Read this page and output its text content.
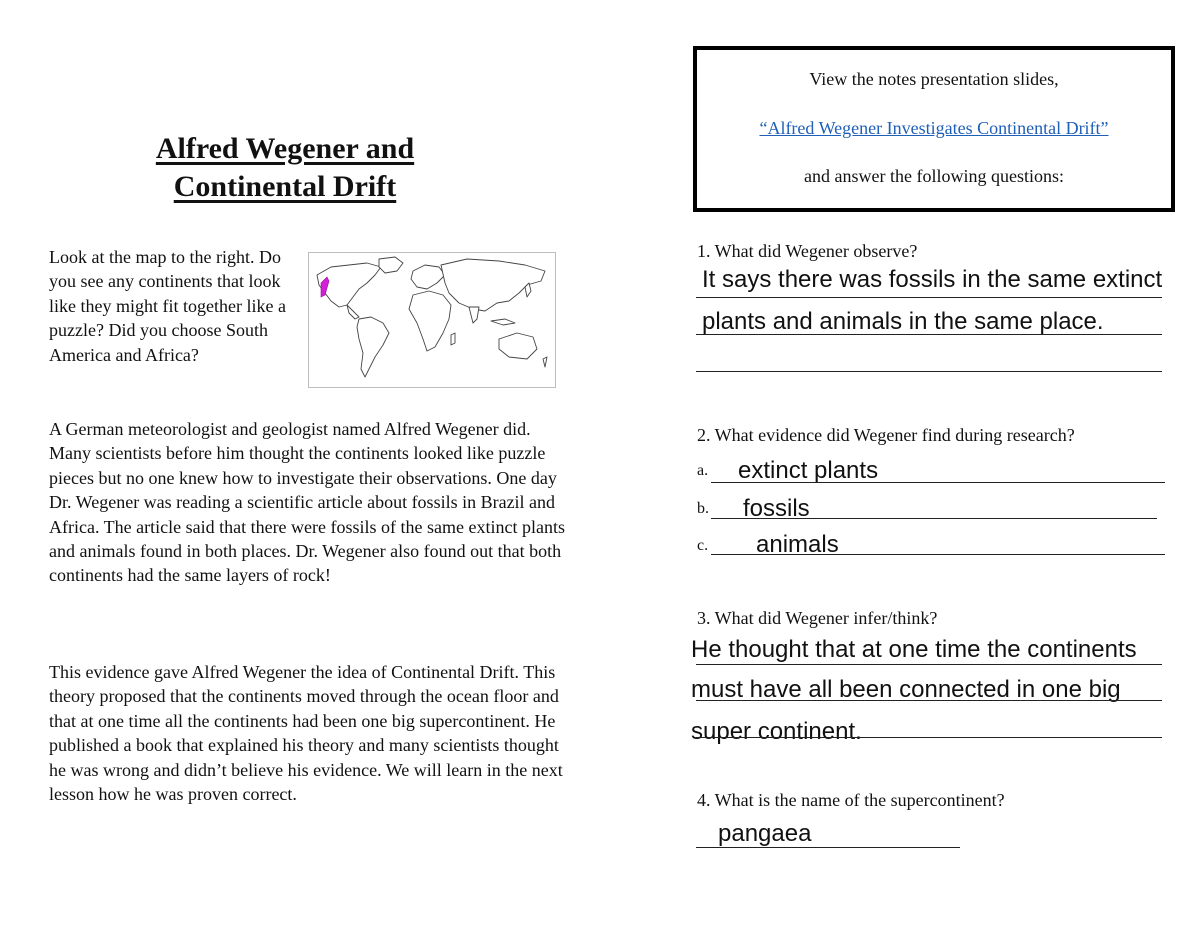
Alfred Wegener and
Continental Drift
Look at the map to the right. Do you see any continents that look like they might fit together like a puzzle? Did you choose South America and Africa?
A German meteorologist and geologist named Alfred Wegener did. Many scientists before him thought the continents looked like puzzle pieces but no one knew how to investigate their observations. One day Dr. Wegener was reading a scientific article about fossils in Brazil and Africa. The article said that there were fossils of the same extinct plants and animals found in both places. Dr. Wegener also found out that both continents had the same layers of rock!
This evidence gave Alfred Wegener the idea of Continental Drift. This theory proposed that the continents moved through the ocean floor and that at one time all the continents had been one big supercontinent. He published a book that explained his theory and many scientists thought he was wrong and didn’t believe his evidence. We will learn in the next lesson how he was proven correct.
View the notes presentation slides,
“Alfred Wegener Investigates Continental Drift”
and answer the following questions:
1. What did Wegener observe?
It says there was fossils in the same extinct
plants and animals in the same place.
2. What evidence did Wegener find during research?
a. extinct plants
b. fossils
c. animals
3. What did Wegener infer/think?
He thought that at one time the continents
must have all been connected in one big
super continent.
4. What is the name of the supercontinent?
pangaea
